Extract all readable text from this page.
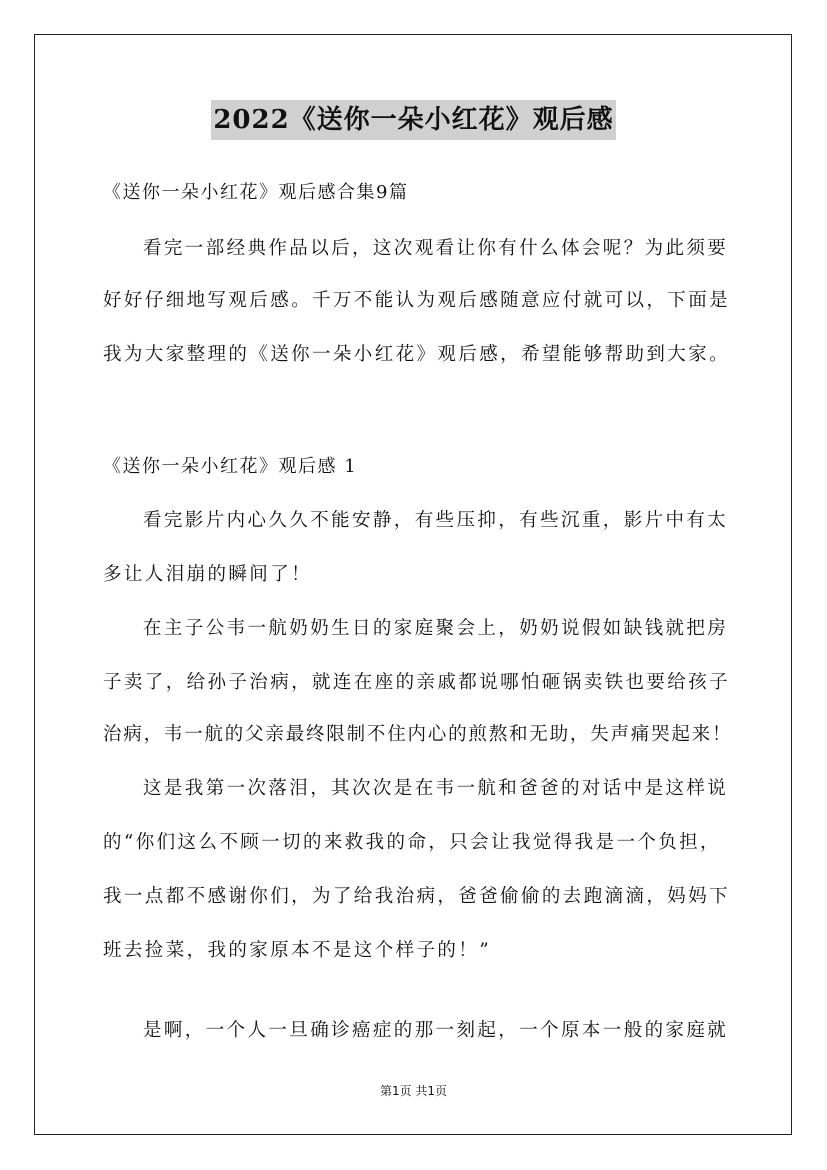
2022《送你一朵小红花》观后感
《送你一朵小红花》观后感合集9篇
看完一部经典作品以后，这次观看让你有什么体会呢？为此须要
好好仔细地写观后感。千万不能认为观后感随意应付就可以，下面是
我为大家整理的《送你一朵小红花》观后感，希望能够帮助到大家。
《送你一朵小红花》观后感 1
看完影片内心久久不能安静，有些压抑，有些沉重，影片中有太
多让人泪崩的瞬间了！
在主子公韦一航奶奶生日的家庭聚会上，奶奶说假如缺钱就把房
子卖了，给孙子治病，就连在座的亲戚都说哪怕砸锅卖铁也要给孩子
治病，韦一航的父亲最终限制不住内心的煎熬和无助，失声痛哭起来！
这是我第一次落泪，其次次是在韦一航和爸爸的对话中是这样说
的“你们这么不顾一切的来救我的命，只会让我觉得我是一个负担，
我一点都不感谢你们，为了给我治病，爸爸偷偷的去跑滴滴，妈妈下
班去捡菜，我的家原本不是这个样子的！”
是啊，一个人一旦确诊癌症的那一刻起，一个原本一般的家庭就
第1页 共1页
